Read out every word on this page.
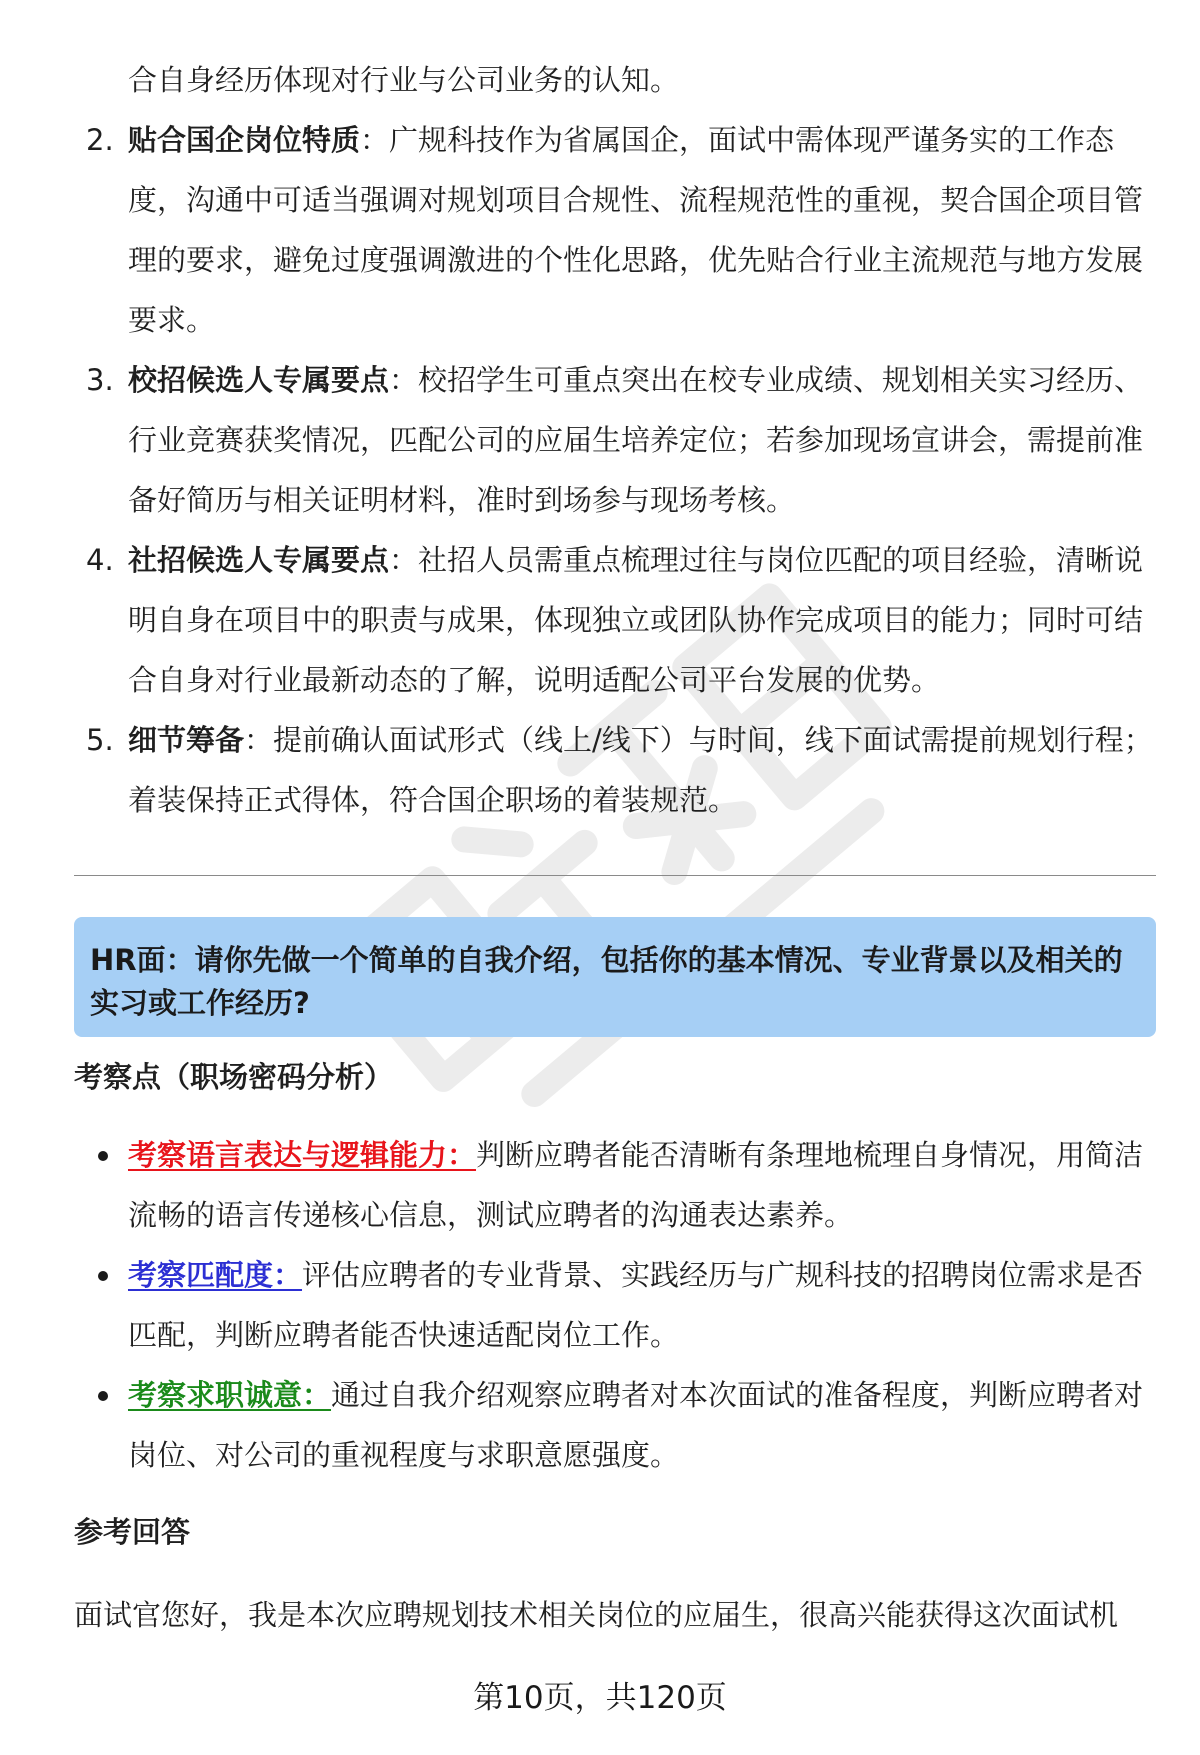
合自身经历体现对行业与公司业务的认知。
2. 贴合国企岗位特质：广规科技作为省属国企，面试中需体现严谨务实的工作态度，沟通中可适当强调对规划项目合规性、流程规范性的重视，契合国企项目管理的要求，避免过度强调激进的个性化思路，优先贴合行业主流规范与地方发展要求。
3. 校招候选人专属要点：校招学生可重点突出在校专业成绩、规划相关实习经历、行业竞赛获奖情况，匹配公司的应届生培养定位；若参加现场宣讲会，需提前准备好简历与相关证明材料，准时到场参与现场考核。
4. 社招候选人专属要点：社招人员需重点梳理过往与岗位匹配的项目经验，清晰说明自身在项目中的职责与成果，体现独立或团队协作完成项目的能力；同时可结合自身对行业最新动态的了解，说明适配公司平台发展的优势。
5. 细节筹备：提前确认面试形式（线上/线下）与时间，线下面试需提前规划行程；着装保持正式得体，符合国企职场的着装规范。
HR面：请你先做一个简单的自我介绍，包括你的基本情况、专业背景以及相关的实习或工作经历?
考察点（职场密码分析）
考察语言表达与逻辑能力：判断应聘者能否清晰有条理地梳理自身情况，用简洁流畅的语言传递核心信息，测试应聘者的沟通表达素养。
考察匹配度：评估应聘者的专业背景、实践经历与广规科技的招聘岗位需求是否匹配，判断应聘者能否快速适配岗位工作。
考察求职诚意：通过自我介绍观察应聘者对本次面试的准备程度，判断应聘者对岗位、对公司的重视程度与求职意愿强度。
参考回答
面试官您好，我是本次应聘规划技术相关岗位的应届生，很高兴能获得这次面试机
第10页，共120页
